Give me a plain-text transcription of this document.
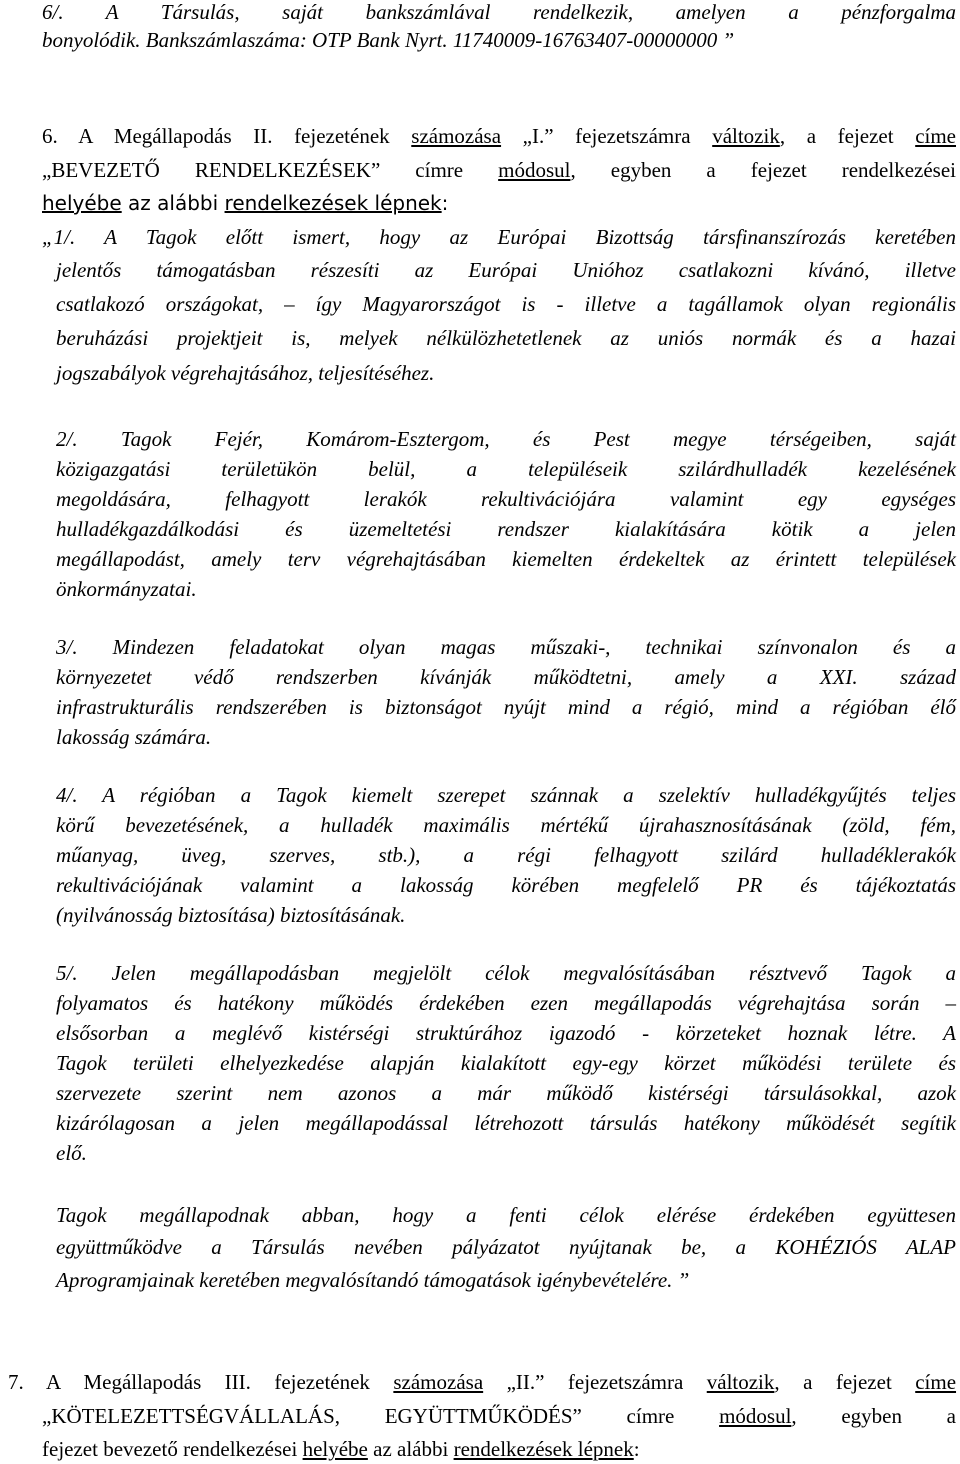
6/. A Társulás, saját bankszámlával rendelkezik, amelyen a pénzforgalma
bonyolódik. Bankszámlaszáma: OTP Bank Nyrt. 11740009-16763407-00000000 ”
6. A Megállapodás II. fejezetének számozása „I.” fejezetszámra változik, a fejezet címe
„BEVEZETŐ RENDELKEZÉSEK” címre módosul, egyben a fejezet rendelkezései
helyébe az alábbi rendelkezések lépnek:
„1/. A Tagok előtt ismert, hogy az Európai Bizottság társfinanszírozás keretében
jelentős támogatásban részesíti az Európai Unióhoz csatlakozni kívánó, illetve
csatlakozó országokat, – így Magyarországot is - illetve a tagállamok olyan regionális
beruházási projektjeit is, melyek nélkülözhetetlenek az uniós normák és a hazai
jogszabályok végrehajtásához, teljesítéséhez.
2/. Tagok Fejér, Komárom-Esztergom, és Pest megye térségeiben, saját
közigazgatási területükön belül, a településeik szilárdhulladék kezelésének
megoldására, felhagyott lerakók rekultivációjára valamint egy egységes
hulladékgazdálkodási és üzemeltetési rendszer kialakítására kötik a jelen
megállapodást, amely terv végrehajtásában kiemelten érdekeltek az érintett települések
önkormányzatai.
3/. Mindezen feladatokat olyan magas műszaki-, technikai színvonalon és a
környezetet védő rendszerben kívánják működtetni, amely a XXI. század
infrastrukturális rendszerében is biztonságot nyújt mind a régió, mind a régióban élő
lakosság számára.
4/. A régióban a Tagok kiemelt szerepet szánnak a szelektív hulladékgyűjtés teljes
körű bevezetésének, a hulladék maximális mértékű újrahasznosításának (zöld, fém,
műanyag, üveg, szerves, stb.), a régi felhagyott szilárd hulladéklerakók
rekultivációjának valamint a lakosság körében megfelelő PR és tájékoztatás
(nyilvánosság biztosítása) biztosításának.
5/. Jelen megállapodásban megjelölt célok megvalósításában résztvevő Tagok a
folyamatos és hatékony működés érdekében ezen megállapodás végrehajtása során –
elsősorban a meglévő kistérségi struktúrához igazodó - körzeteket hoznak létre. A
Tagok területi elhelyezkedése alapján kialakított egy-egy körzet működési területe és
szervezete szerint nem azonos a már működő kistérségi társulásokkal, azok
kizárólagosan a jelen megállapodással létrehozott társulás hatékony működését segítik
elő.
Tagok megállapodnak abban, hogy a fenti célok elérése érdekében együttesen
együttműködve a Társulás nevében pályázatot nyújtanak be, a KOHÉZIÓS ALAP
Aprogramjainak keretében megvalósítandó támogatások igénybevételére. ”
7. A Megállapodás III. fejezetének számozása „II.” fejezetszámra változik, a fejezet címe
„KÖTELEZETTSÉGVÁLLALÁS, EGYÜTTMŰKÖDÉS” címre módosul, egyben a
fejezet bevezető rendelkezései helyébe az alábbi rendelkezések lépnek:
